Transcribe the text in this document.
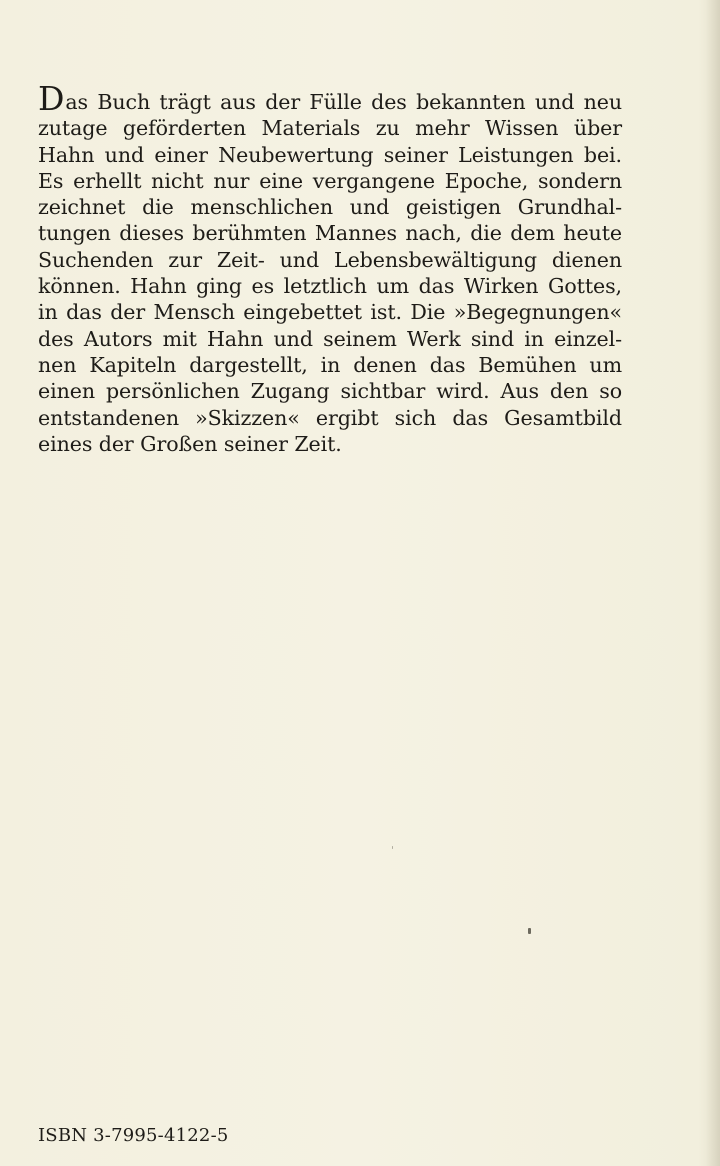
Das Buch trägt aus der Fülle des bekannten und neu
zutage geförderten Materials zu mehr Wissen über
Hahn und einer Neubewertung seiner Leistungen bei.
Es erhellt nicht nur eine vergangene Epoche, sondern
zeichnet die menschlichen und geistigen Grundhal-
tungen dieses berühmten Mannes nach, die dem heute
Suchenden zur Zeit- und Lebensbewältigung dienen
können. Hahn ging es letztlich um das Wirken Gottes,
in das der Mensch eingebettet ist. Die »Begegnungen«
des Autors mit Hahn und seinem Werk sind in einzel-
nen Kapiteln dargestellt, in denen das Bemühen um
einen persönlichen Zugang sichtbar wird. Aus den so
entstandenen »Skizzen« ergibt sich das Gesamtbild
eines der Großen seiner Zeit.
ISBN 3-7995-4122-5
